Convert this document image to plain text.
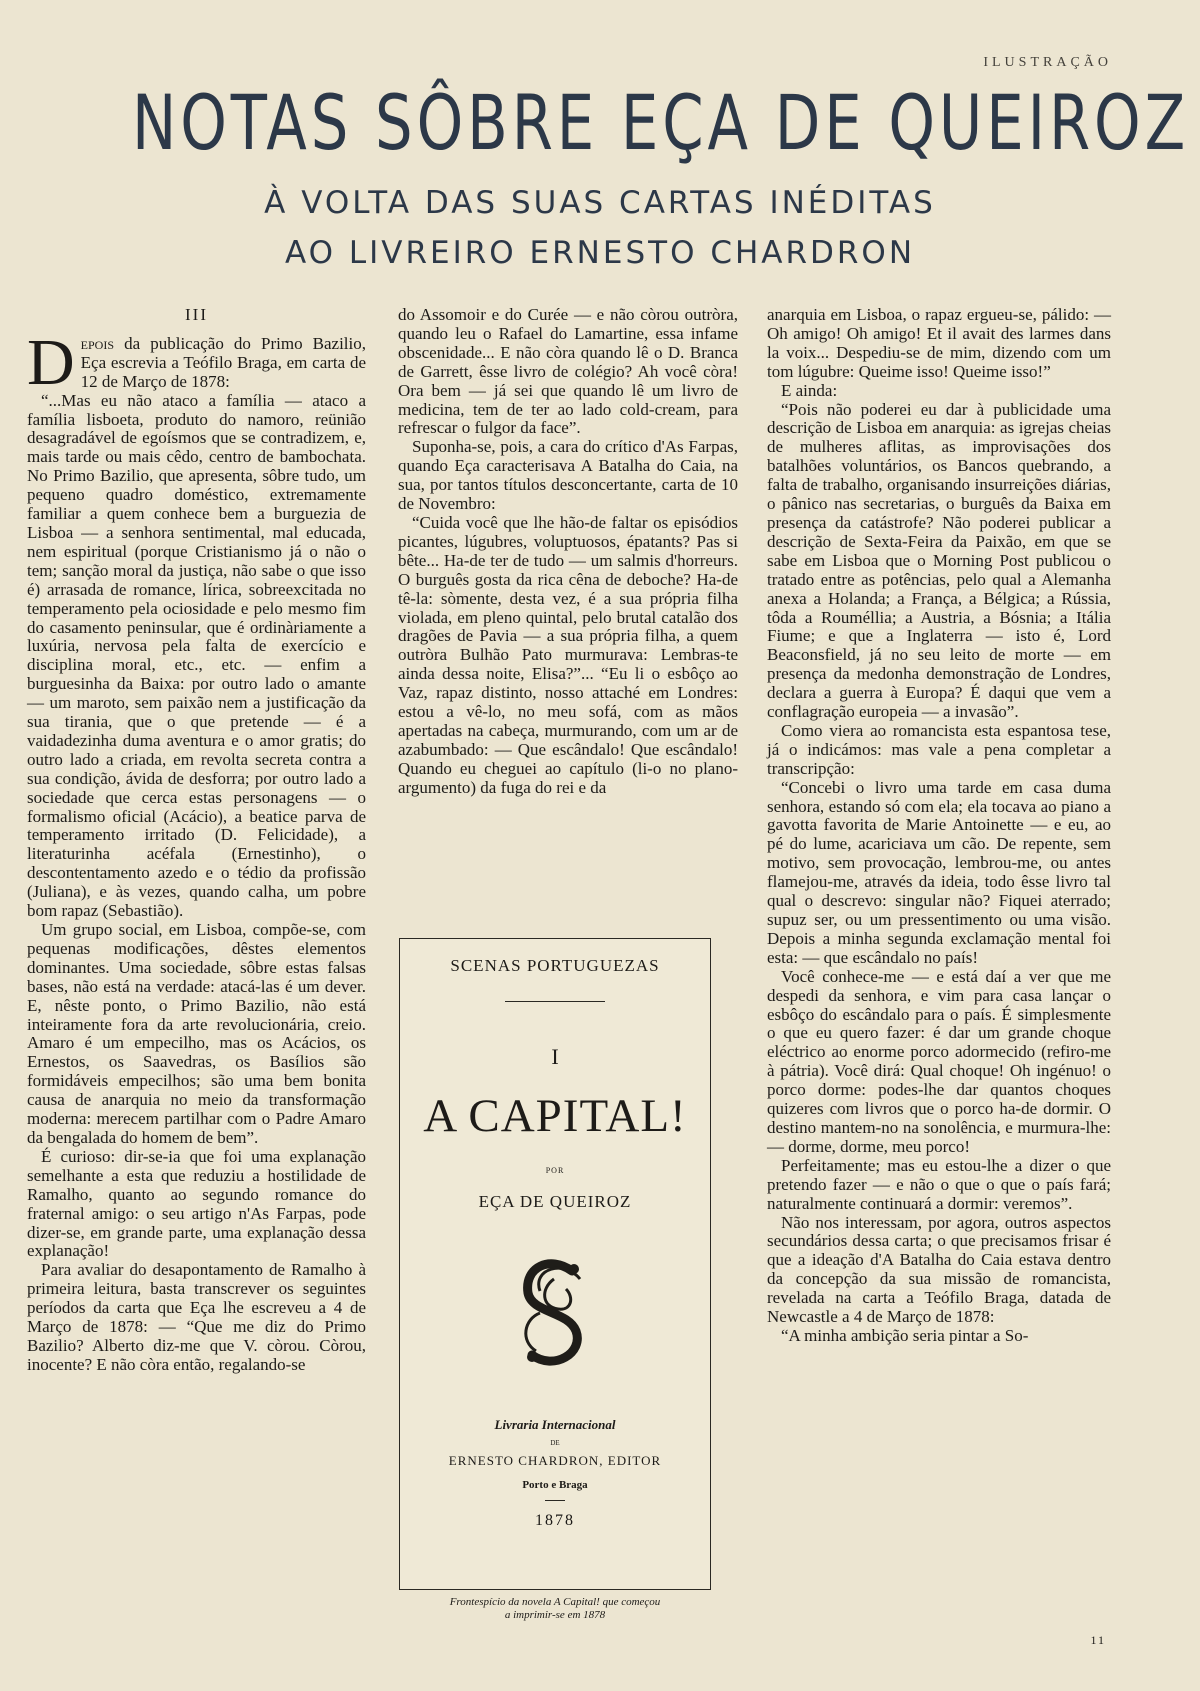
ILUSTRAÇÃO
NOTAS SÔBRE EÇA DE QUEIROZ
À VOLTA DAS SUAS CARTAS INÉDITAS
AO LIVREIRO ERNESTO CHARDRON
III

Depois da publicação do Primo Bazilio, Eça escrevia a Teófilo Braga, em carta de 12 de Março de 1878:

“...Mas eu não ataco a família — ataco a família lisboeta, produto do namoro, reünião desagradável de egoísmos que se contradizem, e, mais tarde ou mais cêdo, centro de bambochata. No Primo Bazilio, que apresenta, sôbre tudo, um pequeno quadro doméstico, extremamente familiar a quem conhece bem a burguezia de Lisboa — a senhora sentimental, mal educada, nem espiritual (porque Cristianismo já o não o tem; sanção moral da justiça, não sabe o que isso é) arrasada de romance, lírica, sobreexcitada no temperamento pela ociosidade e pelo mesmo fim do casamento peninsular, que é ordinàriamente a luxúria, nervosa pela falta de exercício e disciplina moral, etc., etc. — enfim a burguesinha da Baixa: por outro lado o amante — um maroto, sem paixão nem a justificação da sua tirania, que o que pretende — é a vaidadezinha duma aventura e o amor gratis; do outro lado a criada, em revolta secreta contra a sua condição, ávida de desforra; por outro lado a sociedade que cerca estas personagens — o formalismo oficial (Acácio), a beatice parva de temperamento irritado (D. Felicidade), a literaturinha acéfala (Ernestinho), o descontentamento azedo e o tédio da profissão (Juliana), e às vezes, quando calha, um pobre bom rapaz (Sebastião).

Um grupo social, em Lisboa, compõe-se, com pequenas modificações, dêstes elementos dominantes. Uma sociedade, sôbre estas falsas bases, não está na verdade: atacá-las é um dever. E, nêste ponto, o Primo Bazilio, não está inteiramente fora da arte revolucionária, creio. Amaro é um empecilho, mas os Acácios, os Ernestos, os Saavedras, os Basílios são formidáveis empecilhos; são uma bem bonita causa de anarquia no meio da transformação moderna: merecem partilhar com o Padre Amaro da bengalada do homem de bem”.

É curioso: dir-se-ia que foi uma explanação semelhante a esta que reduziu a hostilidade de Ramalho, quanto ao segundo romance do fraternal amigo: o seu artigo n'As Farpas, pode dizer-se, em grande parte, uma explanação dessa explanação!

Para avaliar do desapontamento de Ramalho à primeira leitura, basta transcrever os seguintes períodos da carta que Eça lhe escreveu a 4 de Março de 1878: — “Que me diz do Primo Bazilio? Alberto diz-me que V. còrou. Còrou, inocente? E não còra então, regalando-se

do Assomoir e do Curée — e não còrou outròra, quando leu o Rafael do Lamartine, essa infame obscenidade... E não còra quando lê o D. Branca de Garrett, êsse livro de colégio? Ah você còra! Ora bem — já sei que quando lê um livro de medicina, tem de ter ao lado cold-cream, para refrescar o fulgor da face”.

Suponha-se, pois, a cara do crítico d'As Farpas, quando Eça caracterisava A Batalha do Caia, na sua, por tantos títulos desconcertante, carta de 10 de Novembro:

“Cuida você que lhe hão-de faltar os episódios picantes, lúgubres, voluptuosos, épatants? Pas si bête... Ha-de ter de tudo — um salmis d'horreurs. O burguês gosta da rica cêna de deboche? Ha-de tê-la: sòmente, desta vez, é a sua própria filha violada, em pleno quintal, pelo brutal catalão dos dragões de Pavia — a sua própria filha, a quem outròra Bulhão Pato murmurava: Lembras-te ainda dessa noite, Elisa?”... “Eu li o esbôço ao Vaz, rapaz distinto, nosso attaché em Londres: estou a vê-lo, no meu sofá, com as mãos apertadas na cabeça, murmurando, com um ar de azabumbado: — Que escândalo! Que escândalo! Quando eu cheguei ao capítulo (li-o no plano-argumento) da fuga do rei e da

anarquia em Lisboa, o rapaz ergueu-se, pálido: — Oh amigo! Oh amigo! Et il avait des larmes dans la voix... Despediu-se de mim, dizendo com um tom lúgubre: Queime isso! Queime isso!”

E ainda:

“Pois não poderei eu dar à publicidade uma descrição de Lisboa em anarquia: as igrejas cheias de mulheres aflitas, as improvisações dos batalhões voluntários, os Bancos quebrando, a falta de trabalho, organisando insurreições diárias, o pânico nas secretarias, o burguês da Baixa em presença da catástrofe? Não poderei publicar a descrição de Sexta-Feira da Paixão, em que se sabe em Lisboa que o Morning Post publicou o tratado entre as potências, pelo qual a Alemanha anexa a Holanda; a França, a Bélgica; a Rússia, tôda a Rouméllia; a Austria, a Bósnia; a Itália Fiume; e que a Inglaterra — isto é, Lord Beaconsfield, já no seu leito de morte — em presença da medonha demonstração de Londres, declara a guerra à Europa? É daqui que vem a conflagração europeia — a invasão”.

Como viera ao romancista esta espantosa tese, já o indicámos: mas vale a pena completar a transcripção:

“Concebi o livro uma tarde em casa duma senhora, estando só com ela; ela tocava ao piano a gavotta favorita de Marie Antoinette — e eu, ao pé do lume, acariciava um cão. De repente, sem motivo, sem provocação, lembrou-me, ou antes flamejou-me, através da ideia, todo êsse livro tal qual o descrevo: singular não? Fiquei aterrado; supuz ser, ou um pressentimento ou uma visão. Depois a minha segunda exclamação mental foi esta: — que escândalo no país!

Você conhece-me — e está daí a ver que me despedi da senhora, e vim para casa lançar o esbôço do escândalo para o país. É simplesmente o que eu quero fazer: é dar um grande choque eléctrico ao enorme porco adormecido (refiro-me à pátria). Você dirá: Qual choque! Oh ingénuo! o porco dorme: podes-lhe dar quantos choques quizeres com livros que o porco ha-de dormir. O destino mantem-no na sonolência, e murmura-lhe: — dorme, dorme, meu porco!

Perfeitamente; mas eu estou-lhe a dizer o que pretendo fazer — e não o que o que o país fará; naturalmente continuará a dormir: veremos”.

Não nos interessam, por agora, outros aspectos secundários dessa carta; o que precisamos frisar é que a ideação d'A Batalha do Caia estava dentro da concepção da sua missão de romancista, revelada na carta a Teófilo Braga, datada de Newcastle a 4 de Março de 1878:

“A minha ambição seria pintar a So-

SCENAS PORTUGUEZAS
I
A CAPITAL!
POR
EÇA DE QUEIROZ
Livraria Internacional
DE
ERNESTO CHARDRON, EDITOR
Porto e Braga
1878
Frontespício da novela A Capital! que começou
a imprimir-se em 1878
11
